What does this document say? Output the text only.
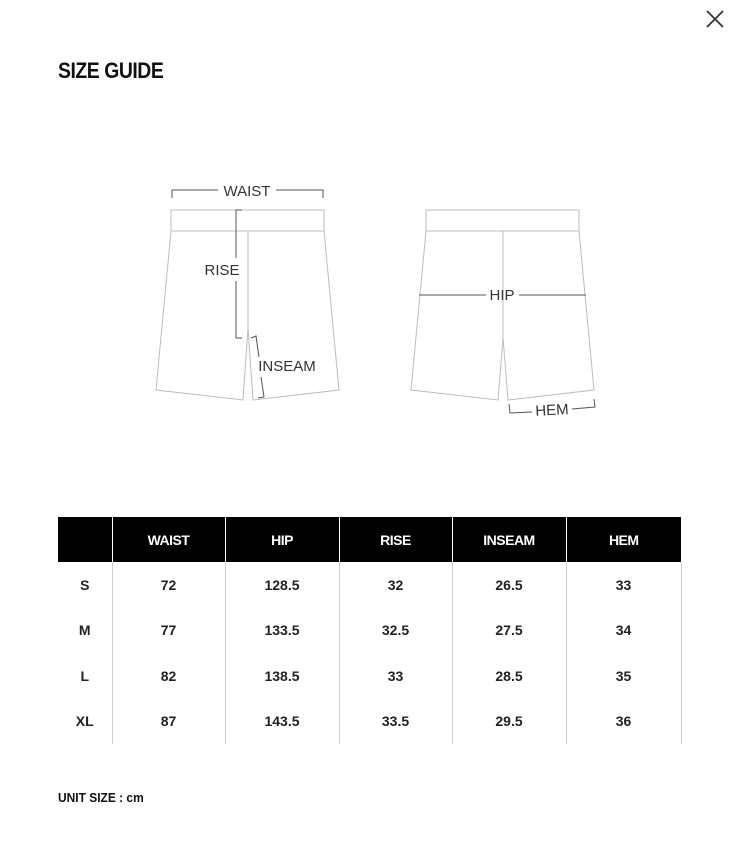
SIZE GUIDE
WAIST
RISE
INSEAM
HIP
HEM
	WAIST	HIP	RISE	INSEAM	HEM
S	72	128.5	32	26.5	33
M	77	133.5	32.5	27.5	34
L	82	138.5	33	28.5	35
XL	87	143.5	33.5	29.5	36
UNIT SIZE : cm
